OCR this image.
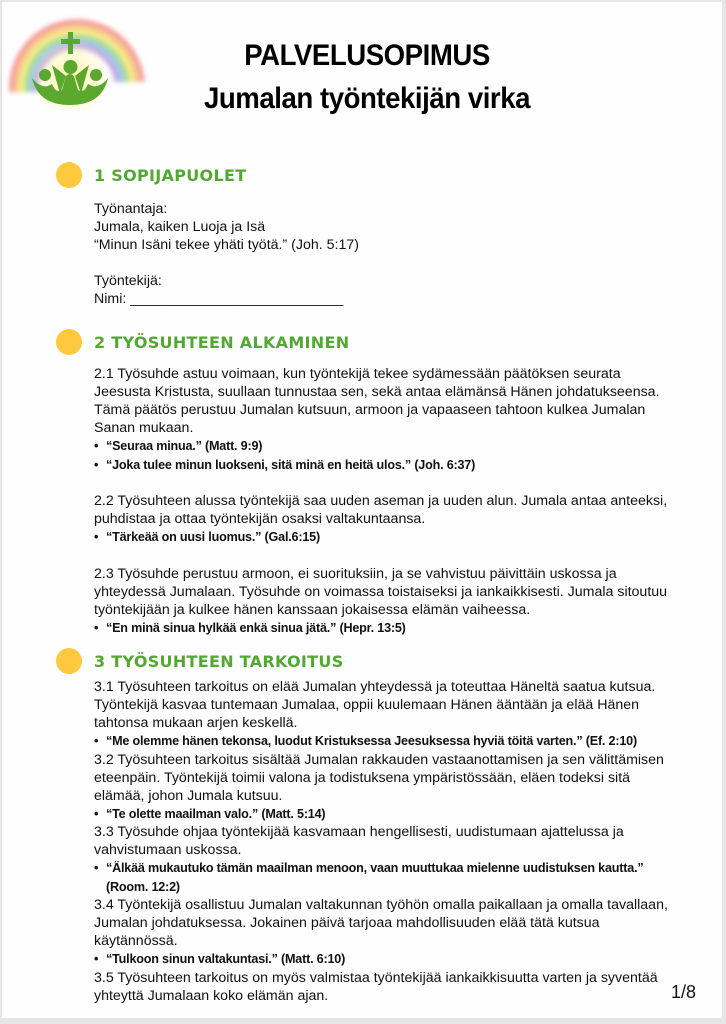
PALVELUSOPIMUS
Jumalan työntekijän virka
1 SOPIJAPUOLET

Työnantaja:

Jumala, kaiken Luoja ja Isä

“Minun Isäni tekee yhäti työtä.” (Joh. 5:17)

Työntekijä:

Nimi: ___________________________

2 TYÖSUHTEEN ALKAMINEN

2.1 Työsuhde astuu voimaan, kun työntekijä tekee sydämessään päätöksen seurata Jeesusta Kristusta, suullaan tunnustaa sen, sekä antaa elämänsä Hänen johdatukseensa. Tämä päätös perustuu Jumalan kutsuun, armoon ja vapaaseen tahtoon kulkea Jumalan Sanan mukaan.

• “Seuraa minua.” (Matt. 9:9)
• “Joka tulee minun luokseni, sitä minä en heitä ulos.” (Joh. 6:37)

2.2 Työsuhteen alussa työntekijä saa uuden aseman ja uuden alun. Jumala antaa anteeksi, puhdistaa ja ottaa työntekijän osaksi valtakuntaansa.

• “Tärkeää on uusi luomus.” (Gal.6:15)

2.3 Työsuhde perustuu armoon, ei suorituksiin, ja se vahvistuu päivittäin uskossa ja yhteydessä Jumalaan. Työsuhde on voimassa toistaiseksi ja iankaikkisesti. Jumala sitoutuu työntekijään ja kulkee hänen kanssaan jokaisessa elämän vaiheessa.

• “En minä sinua hylkää enkä sinua jätä.” (Hepr. 13:5)
3 TYÖSUHTEEN TARKOITUS

3.1 Työsuhteen tarkoitus on elää Jumalan yhteydessä ja toteuttaa Häneltä saatua kutsua. Työntekijä kasvaa tuntemaan Jumalaa, oppii kuulemaan Hänen ääntään ja elää Hänen tahtonsa mukaan arjen keskellä.

• “Me olemme hänen tekonsa, luodut Kristuksessa Jeesuksessa hyviä töitä varten.” (Ef. 2:10)

3.2 Työsuhteen tarkoitus sisältää Jumalan rakkauden vastaanottamisen ja sen välittämisen eteenpäin. Työntekijä toimii valona ja todistuksena ympäristössään, eläen todeksi sitä elämää, johon Jumala kutsuu.

• “Te olette maailman valo.” (Matt. 5:14)

3.3 Työsuhde ohjaa työntekijää kasvamaan hengellisesti, uudistumaan ajattelussa ja vahvistumaan uskossa.

• “Älkää mukautuko tämän maailman menoon, vaan muuttukaa mielenne uudistuksen kautta.” (Room. 12:2)

3.4 Työntekijä osallistuu Jumalan valtakunnan työhön omalla paikallaan ja omalla tavallaan, Jumalan johdatuksessa. Jokainen päivä tarjoaa mahdollisuuden elää tätä kutsua käytännössä.

• “Tulkoon sinun valtakuntasi.” (Matt. 6:10)

3.5 Työsuhteen tarkoitus on myös valmistaa työntekijää iankaikkisuutta varten ja syventää yhteyttä Jumalaan koko elämän ajan.	1/8
